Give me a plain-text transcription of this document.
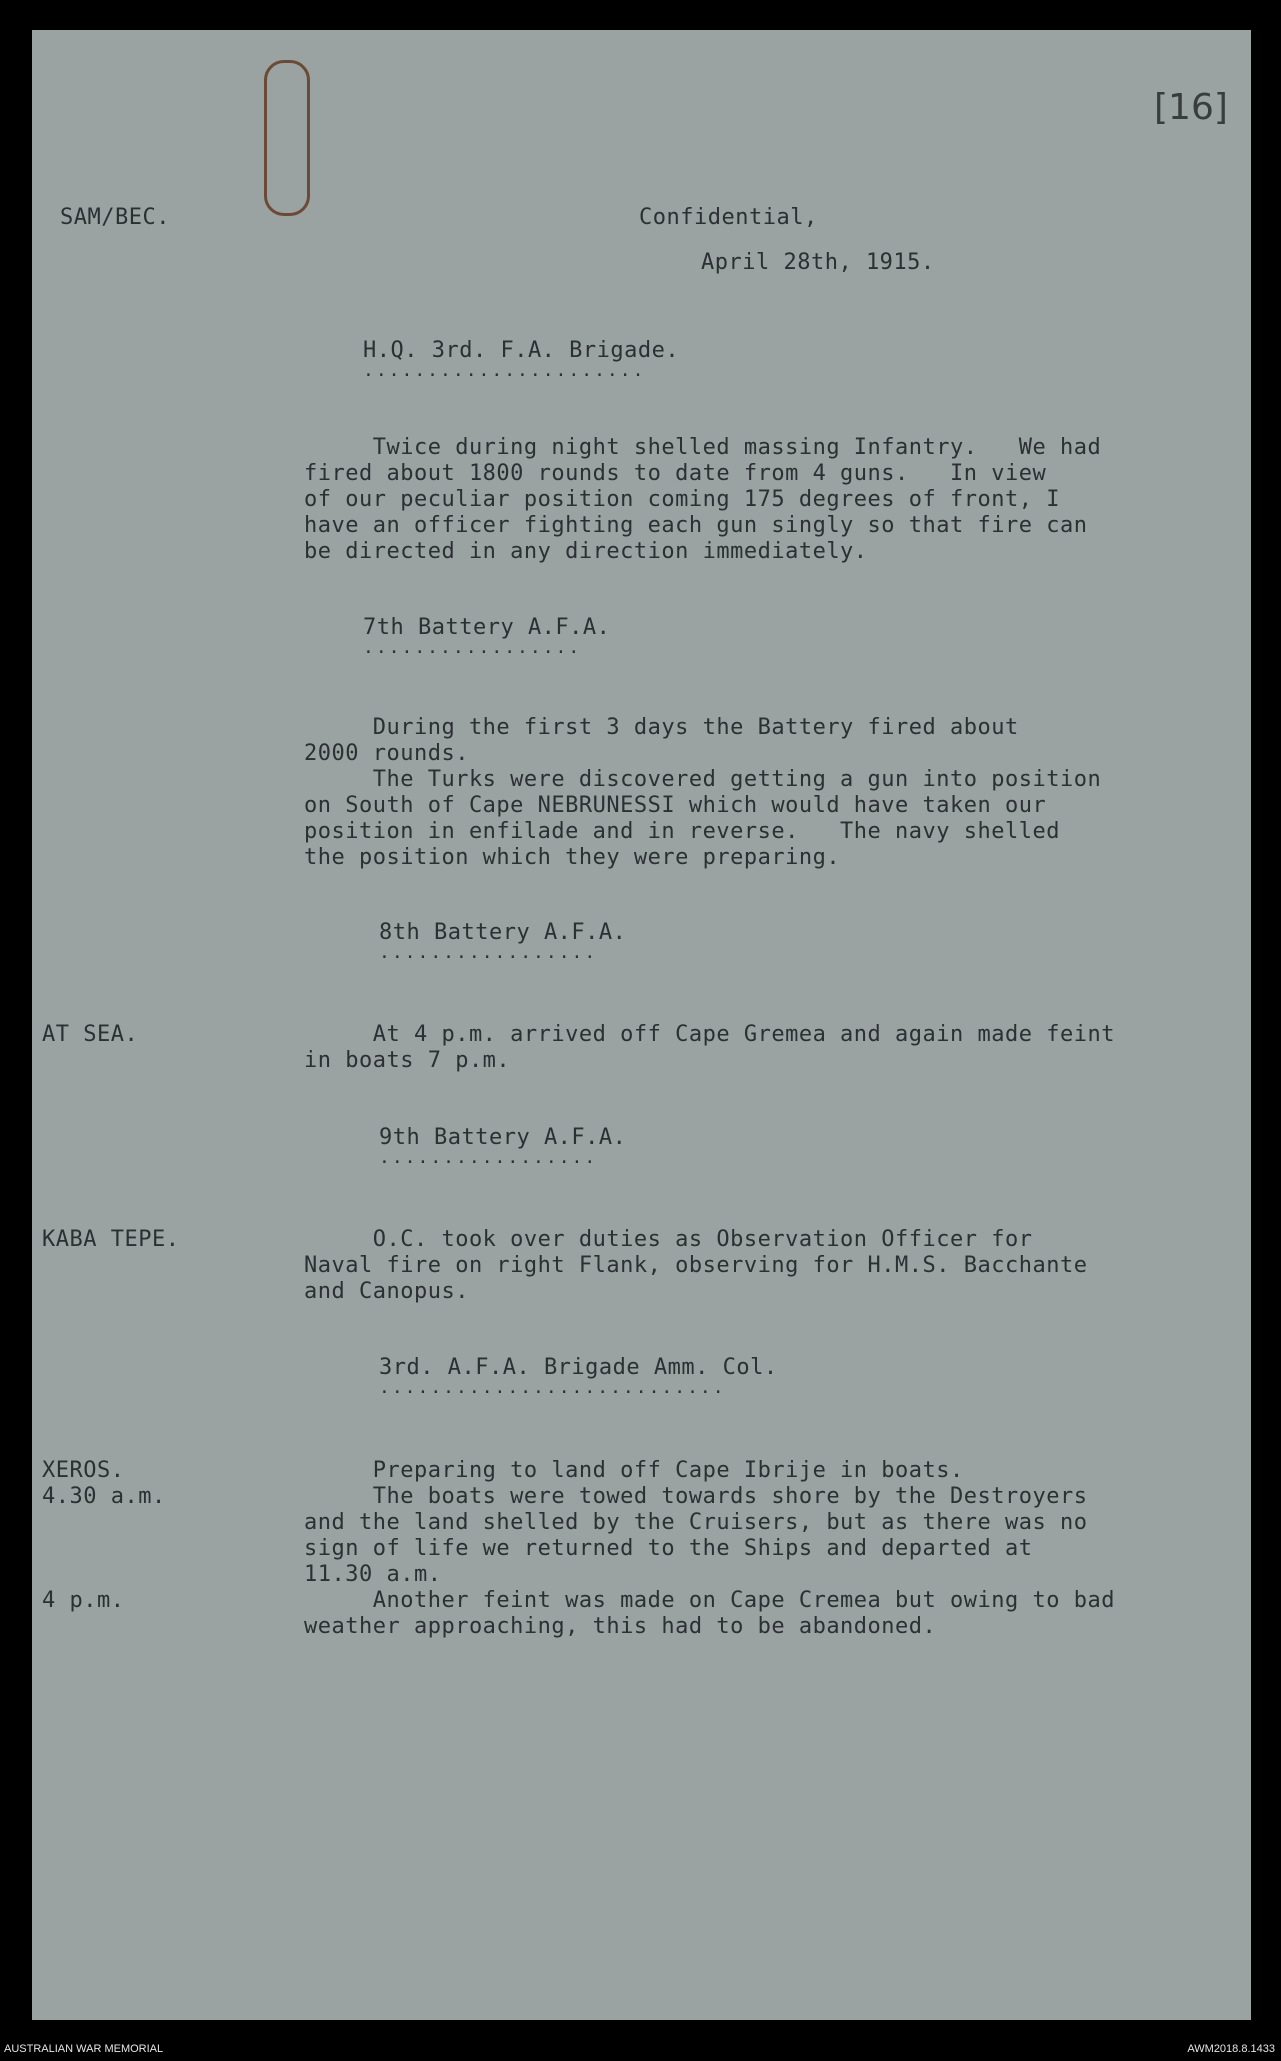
[16]
SAM/BEC.	Confidential,
April 28th, 1915.
H.Q. 3rd. F.A. Brigade.
......................
Twice during night shelled massing Infantry.   We had
fired about 1800 rounds to date from 4 guns.   In view
of our peculiar position coming 175 degrees of front, I
have an officer fighting each gun singly so that fire can
be directed in any direction immediately.
7th Battery A.F.A.
.................
During the first 3 days the Battery fired about
2000 rounds.
The Turks were discovered getting a gun into position
on South of Cape NEBRUNESSI which would have taken our
position in enfilade and in reverse.   The navy shelled
the position which they were preparing.
8th Battery A.F.A.
.................
AT SEA.	At 4 p.m. arrived off Cape Gremea and again made feint
in boats 7 p.m.
9th Battery A.F.A.
.................
KABA TEPE.	O.C. took over duties as Observation Officer for
Naval fire on right Flank, observing for H.M.S. Bacchante
and Canopus.
3rd. A.F.A. Brigade Amm. Col.
...........................
XEROS.	Preparing to land off Cape Ibrije in boats.
4.30 a.m.	The boats were towed towards shore by the Destroyers
and the land shelled by the Cruisers, but as there was no
sign of life we returned to the Ships and departed at
11.30 a.m.
4 p.m.	Another feint was made on Cape Cremea but owing to bad
weather approaching, this had to be abandoned.
AUSTRALIAN WAR MEMORIAL	AWM2018.8.1433
